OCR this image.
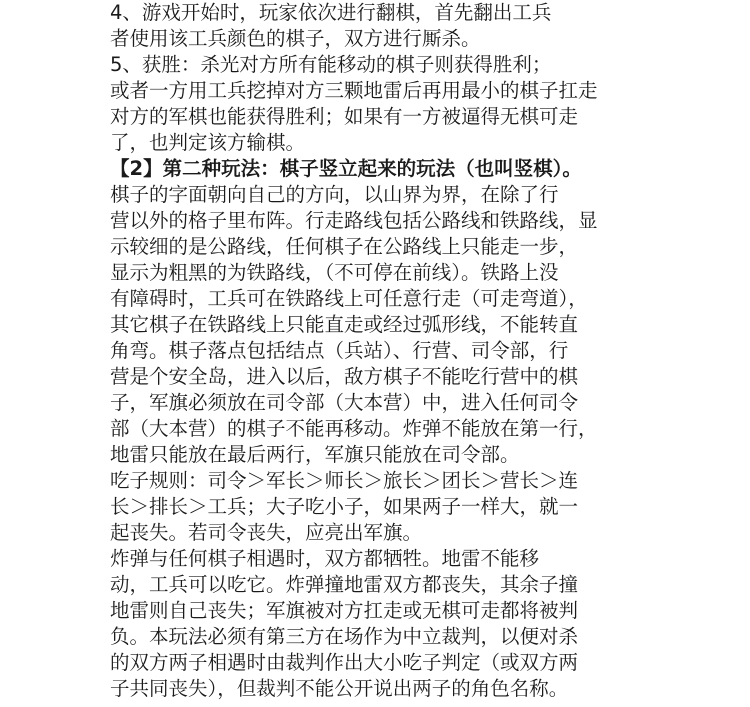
4、游戏开始时，玩家依次进行翻棋，首先翻出工兵
者使用该工兵颜色的棋子，双方进行厮杀。
5、获胜：杀光对方所有能移动的棋子则获得胜利；
或者一方用工兵挖掉对方三颗地雷后再用最小的棋子扛走
对方的军棋也能获得胜利；如果有一方被逼得无棋可走
了，也判定该方输棋。
【2】第二种玩法：棋子竖立起来的玩法（也叫竖棋）。
棋子的字面朝向自己的方向，以山界为界，在除了行
营以外的格子里布阵。行走路线包括公路线和铁路线，显
示较细的是公路线，任何棋子在公路线上只能走一步，
显示为粗黑的为铁路线，（不可停在前线）。铁路上没
有障碍时，工兵可在铁路线上可任意行走（可走弯道），
其它棋子在铁路线上只能直走或经过弧形线，不能转直
角弯。棋子落点包括结点（兵站）、行营、司令部，行
营是个安全岛，进入以后，敌方棋子不能吃行营中的棋
子，军旗必须放在司令部（大本营）中，进入任何司令
部（大本营）的棋子不能再移动。炸弹不能放在第一行，
地雷只能放在最后两行，军旗只能放在司令部。
吃子规则：司令＞军长＞师长＞旅长＞团长＞营长＞连
长＞排长＞工兵；大子吃小子，如果两子一样大，就一
起丧失。若司令丧失，应亮出军旗。
炸弹与任何棋子相遇时，双方都牺牲。地雷不能移
动，工兵可以吃它。炸弹撞地雷双方都丧失，其余子撞
地雷则自己丧失；军旗被对方扛走或无棋可走都将被判
负。本玩法必须有第三方在场作为中立裁判，以便对杀
的双方两子相遇时由裁判作出大小吃子判定（或双方两
子共同丧失），但裁判不能公开说出两子的角色名称。
